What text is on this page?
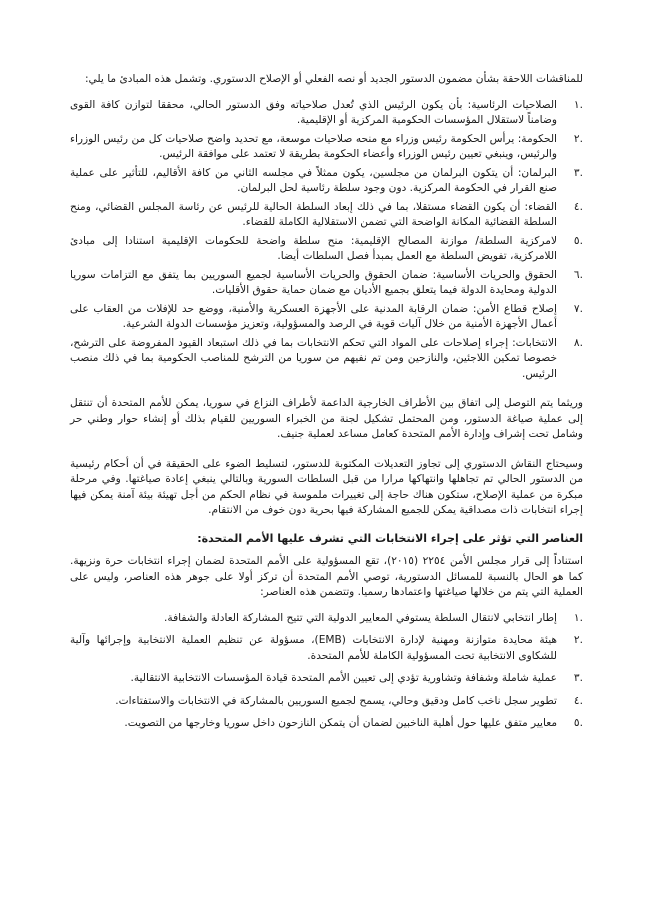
للمناقشات اللاحقة بشأن مضمون الدستور الجديد أو نصه الفعلي أو الإصلاح الدستوري. وتشمل هذه المبادئ ما يلي:

.١
الصلاحيات الرئاسية: بأن يكون الرئيس الذي تُعدل صلاحياته وفق الدستور الحالي، محققا لتوازن كافة القوى وضامناً لاستقلال المؤسسات الحكومية المركزية أو الإقليمية.
.٢
الحكومة: يرأس الحكومة رئيس وزراء مع منحه صلاحيات موسعة، مع تحديد واضح صلاحيات كل من رئيس الوزراء والرئيس، وينبغي تعيين رئيس الوزراء وأعضاء الحكومة بطريقة لا تعتمد على موافقة الرئيس.
.٣
البرلمان: أن يتكون البرلمان من مجلسين، يكون ممثلاً في مجلسه الثاني من كافة الأقاليم، للتأثير على عملية صنع القرار في الحكومة المركزية. دون وجود سلطة رئاسية لحل البرلمان.
.٤
القضاء: أن يكون القضاء مستقلا، بما في ذلك إبعاد السلطة الحالية للرئيس عن رئاسة المجلس القضائي، ومنح السلطة القضائية المكانة الواضحة التي تضمن الاستقلالية الكاملة للقضاء.
.٥
لامركزية السلطة/ موازنة المصالح الإقليمية: منح سلطة واضحة للحكومات الإقليمية استنادا إلى مبادئ اللامركزية، تفويض السلطة مع العمل بمبدأ فصل السلطات أيضا.
.٦
الحقوق والحريات الأساسية: ضمان الحقوق والحريات الأساسية لجميع السوريين بما يتفق مع التزامات سوريا الدولية ومحايدة الدولة فيما يتعلق بجميع الأديان مع ضمان حماية حقوق الأقليات.
.٧
إصلاح قطاع الأمن: ضمان الرقابة المدنية على الأجهزة العسكرية والأمنية، ووضع حد للإفلات من العقاب على أعمال الأجهزة الأمنية من خلال آليات قوية في الرصد والمسؤولية، وتعزيز مؤسسات الدولة الشرعية.
.٨
الانتخابات: إجراء إصلاحات على المواد التي تحكم الانتخابات بما في ذلك استبعاد القيود المفروضة على الترشح، خصوصا تمكين اللاجئين، والنازحين ومن تم نفيهم من سوريا من الترشح للمناصب الحكومية بما في ذلك منصب الرئيس.

وريثما يتم التوصل إلى اتفاق بين الأطراف الخارجية الداعمة لأطراف النزاع في سوريا، يمكن للأمم المتحدة أن تنتقل إلى عملية صياغة الدستور، ومن المحتمل تشكيل لجنة من الخبراء السوريين للقيام بذلك أو إنشاء حوار وطني حر وشامل تحت إشراف وإدارة الأمم المتحدة كعامل مساعد لعملية جنيف.

وسيحتاج النقاش الدستوري إلى تجاوز التعديلات المكتوبة للدستور، لتسليط الضوء على الحقيقة في أن أحكام رئيسية من الدستور الحالي تم تجاهلها وانتهاكها مرارا من قبل السلطات السورية وبالتالي ينبغي إعادة صياغتها. وفي مرحلة مبكرة من عملية الإصلاح، ستكون هناك حاجة إلى تغييرات ملموسة في نظام الحكم من أجل تهيئة بيئة آمنة يمكن فيها إجراء انتخابات ذات مصداقية يمكن للجميع المشاركة فيها بحرية دون خوف من الانتقام.

العناصر التي تؤثر على إجراء الانتخابات التي تشرف عليها الأمم المتحدة:

استناداً إلى قرار مجلس الأمن ٢٢٥٤ (٢٠١٥)، تقع المسؤولية على الأمم المتحدة لضمان إجراء انتخابات حرة ونزيهة. كما هو الحال بالنسبة للمسائل الدستورية، توصي الأمم المتحدة أن تركز أولا على جوهر هذه العناصر، وليس على العملية التي يتم من خلالها صياغتها واعتمادها رسميا. وتتضمن هذه العناصر:

.١
إطار انتخابي لانتقال السلطة يستوفي المعايير الدولية التي تتيح المشاركة العادلة والشفافة.
.٢
هيئة محايدة متوازنة ومهنية لإدارة الانتخابات (EMB)، مسؤولة عن تنظيم العملية الانتخابية وإجرائها وآلية للشكاوى الانتخابية تحت المسؤولية الكاملة للأمم المتحدة.
.٣
عملية شاملة وشفافة وتشاورية تؤدي إلى تعيين الأمم المتحدة قيادة المؤسسات الانتخابية الانتقالية.
.٤
تطوير سجل ناخب كامل ودقيق وحالي، يسمح لجميع السوريين بالمشاركة في الانتخابات والاستفتاءات.
.٥
معايير متفق عليها حول أهلية الناخبين لضمان أن يتمكن النازحون داخل سوريا وخارجها من التصويت.
